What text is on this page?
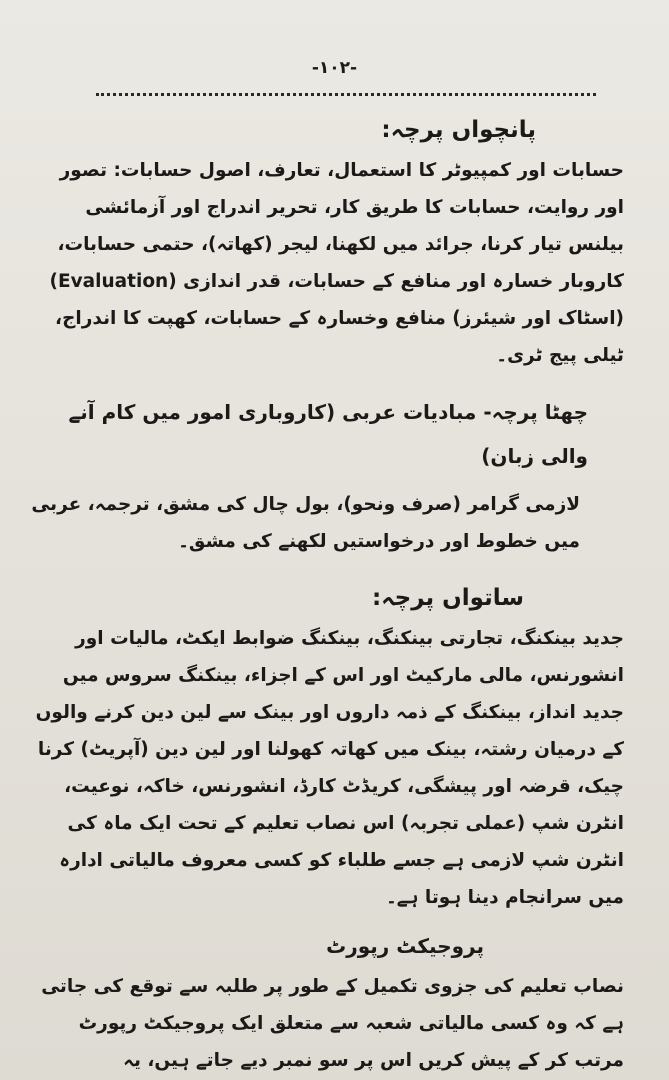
-۱۰۲-
پانچواں پرچہ:

حسابات اور کمپیوٹر کا استعمال، تعارف، اصول حسابات: تصور اور روایت، حسابات کا طریق کار، تحریر اندراج اور آزمائشی بیلنس تیار کرنا، جرائد میں لکھنا، لیجر (کھاتہ)، حتمی حسابات، کاروبار خسارہ اور منافع کے حسابات، قدر اندازی (Evaluation) (اسٹاک اور شیئرز) منافع وخسارہ کے حسابات، کھپت کا اندراج، ٹیلی پیج ٹری۔

چھٹا پرچہ- مبادیات عربی (کاروباری امور میں کام آنے والی زبان)

لازمی گرامر (صرف ونحو)، بول چال کی مشق، ترجمہ، عربی میں خطوط اور درخواستیں لکھنے کی مشق۔

ساتواں پرچہ:

جدید بینکنگ، تجارتی بینکنگ، بینکنگ ضوابط ایکٹ، مالیات اور انشورنس، مالی مارکیٹ اور اس کے اجزاء، بینکنگ سروس میں جدید انداز، بینکنگ کے ذمہ داروں اور بینک سے لین دین کرنے والوں کے درمیان رشتہ، بینک میں کھاتہ کھولنا اور لین دین (آپریٹ) کرنا چیک، قرضہ اور پیشگی، کریڈٹ کارڈ، انشورنس، خاکہ، نوعیت، انٹرن شپ (عملی تجربہ) اس نصاب تعلیم کے تحت ایک ماہ کی انٹرن شپ لازمی ہے جسے طلباء کو کسی معروف مالیاتی ادارہ میں سرانجام دینا ہوتا ہے۔

پروجیکٹ رپورٹ

نصاب تعلیم کی جزوی تکمیل کے طور پر طلبہ سے توقع کی جاتی ہے کہ وہ کسی مالیاتی شعبہ سے متعلق ایک پروجیکٹ رپورٹ مرتب کر کے پیش کریں اس پر سو نمبر دیے جاتے ہیں، یہ
